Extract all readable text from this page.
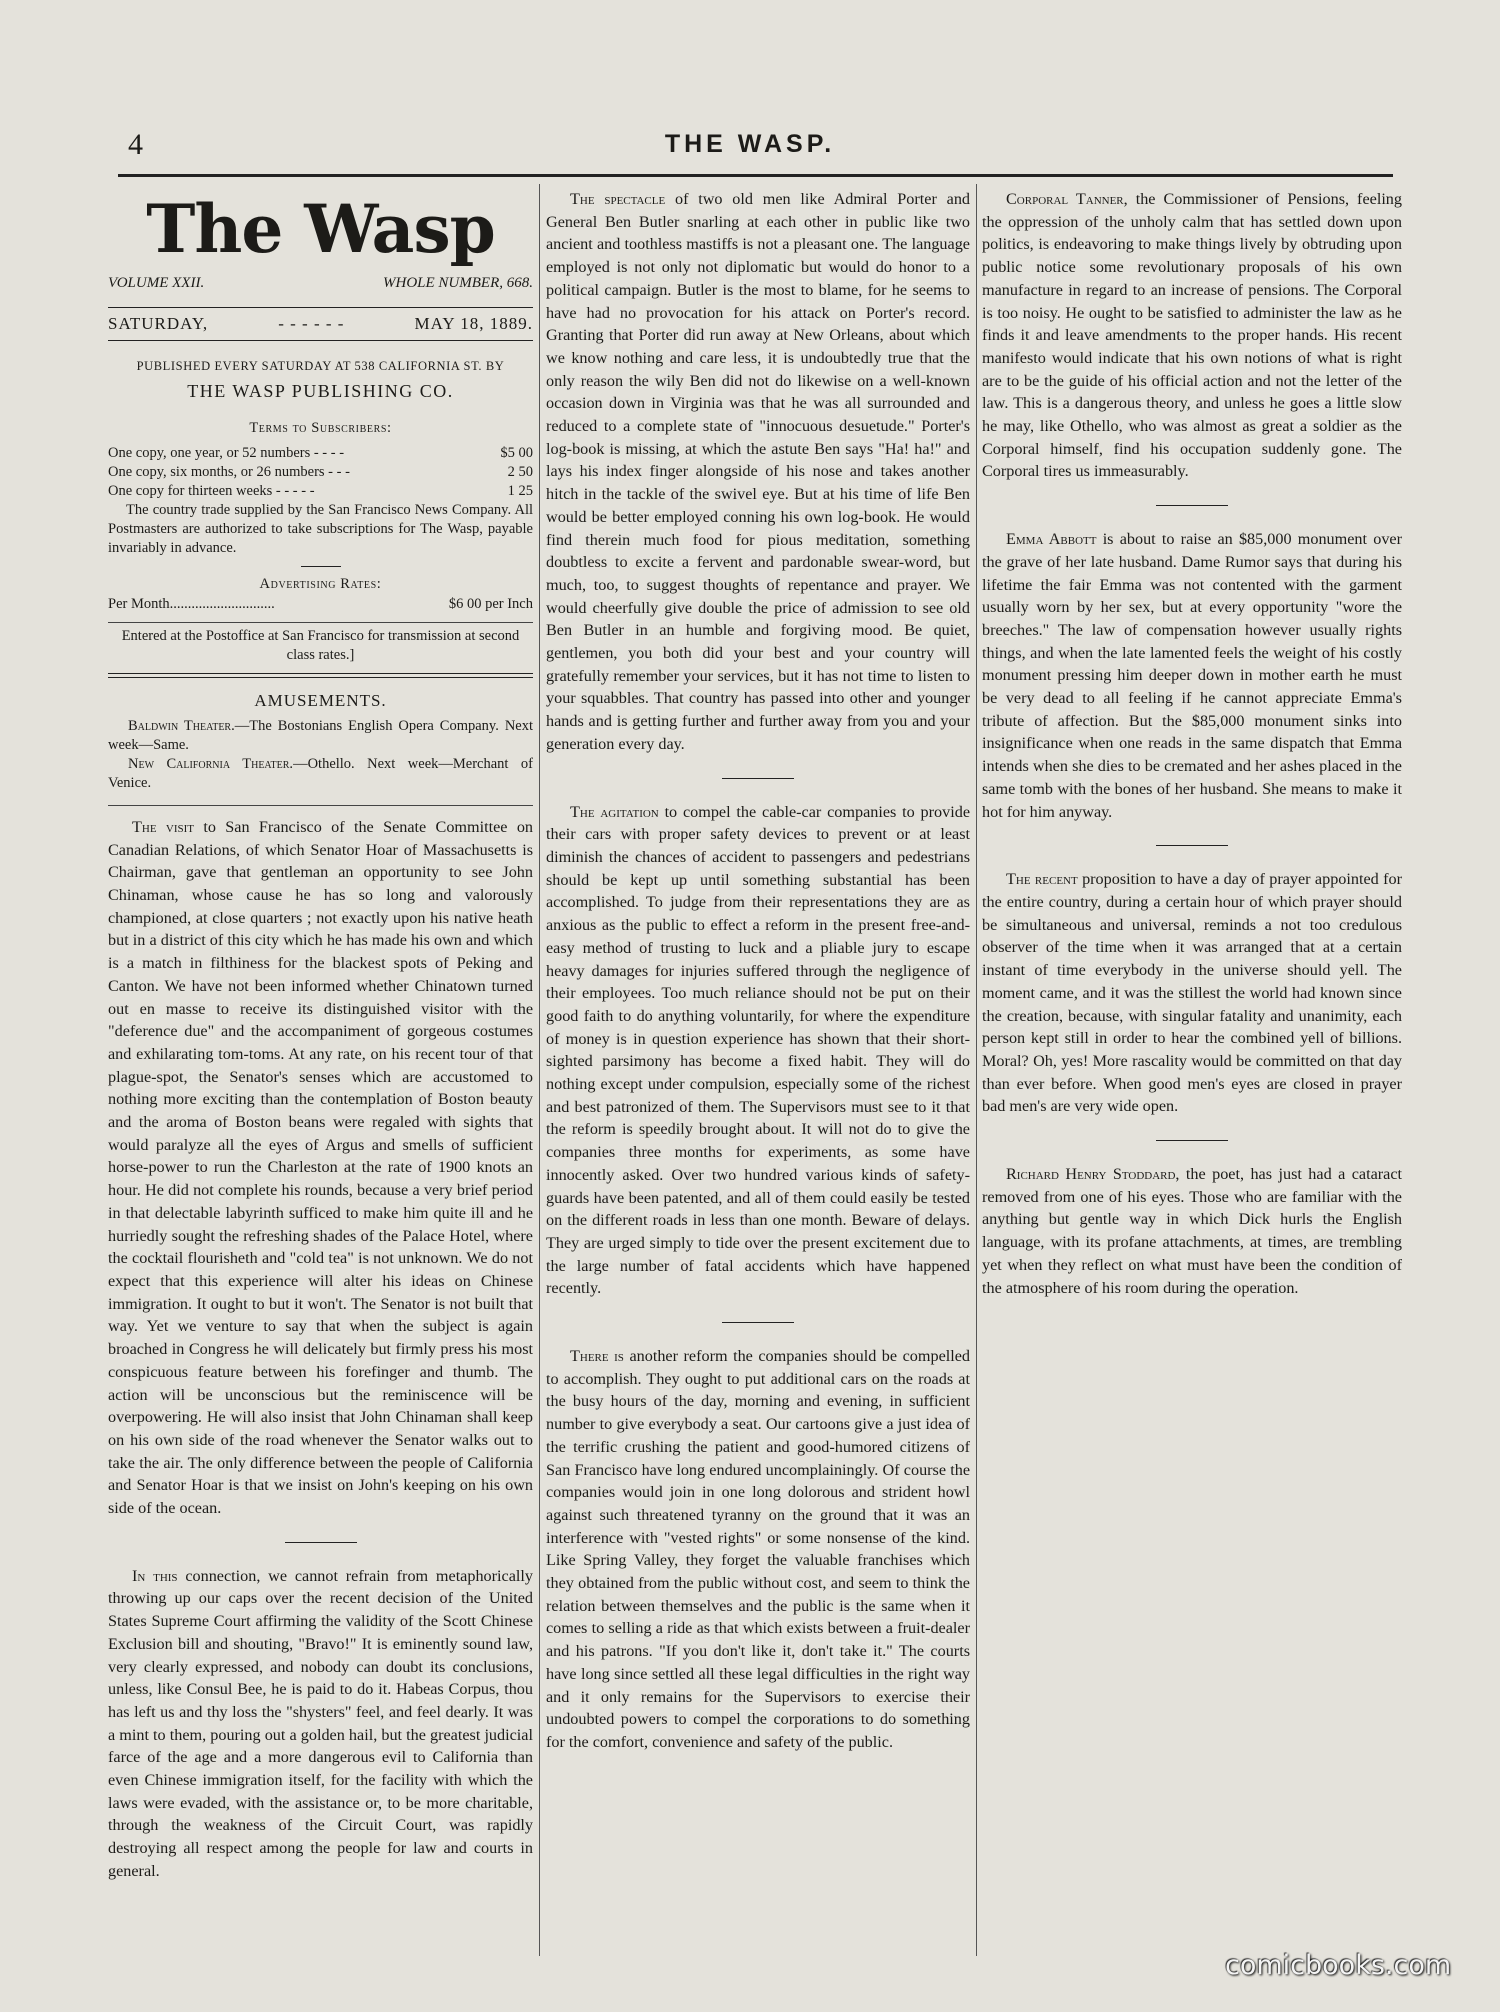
4	THE WASP.
The Wasp
VOLUME XXII.	WHOLE NUMBER, 668.
SATURDAY,	- - - - - -	MAY 18, 1889.
PUBLISHED EVERY SATURDAY AT 538 CALIFORNIA ST. BY
THE WASP PUBLISHING CO.
Terms to Subscribers:
One copy, one year, or 52 numbers - - - -	$5 00
One copy, six months, or 26 numbers - - -	2 50
One copy for thirteen weeks - - - - -	1 25
The country trade supplied by the San Francisco News Company. All Postmasters are authorized to take subscriptions for The Wasp, payable invariably in advance.
Advertising Rates:
Per Month.............................	$6 00 per Inch
Entered at the Postoffice at San Francisco for transmission at second class rates.]
AMUSEMENTS.
Baldwin Theater.—The Bostonians English Opera Company. Next week—Same.
New California Theater.—Othello. Next week—Merchant of Venice.

The visit to San Francisco of the Senate Committee on Canadian Relations, of which Senator Hoar of Massachusetts is Chairman, gave that gentleman an opportunity to see John Chinaman, whose cause he has so long and valorously championed, at close quarters ; not exactly upon his native heath but in a district of this city which he has made his own and which is a match in filthiness for the blackest spots of Peking and Canton. We have not been informed whether Chinatown turned out en masse to receive its distinguished visitor with the "deference due" and the accompaniment of gorgeous costumes and exhilarating tom-toms. At any rate, on his recent tour of that plague-spot, the Senator's senses which are accustomed to nothing more exciting than the contemplation of Boston beauty and the aroma of Boston beans were regaled with sights that would paralyze all the eyes of Argus and smells of sufficient horse-power to run the Charleston at the rate of 1900 knots an hour. He did not complete his rounds, because a very brief period in that delectable labyrinth sufficed to make him quite ill and he hurriedly sought the refreshing shades of the Palace Hotel, where the cocktail flourisheth and "cold tea" is not unknown. We do not expect that this experience will alter his ideas on Chinese immigration. It ought to but it won't. The Senator is not built that way. Yet we venture to say that when the subject is again broached in Congress he will delicately but firmly press his most conspicuous feature between his forefinger and thumb. The action will be unconscious but the reminiscence will be overpowering. He will also insist that John Chinaman shall keep on his own side of the road whenever the Senator walks out to take the air. The only difference between the people of California and Senator Hoar is that we insist on John's keeping on his own side of the ocean.

In this connection, we cannot refrain from metaphorically throwing up our caps over the recent decision of the United States Supreme Court affirming the validity of the Scott Chinese Exclusion bill and shouting, "Bravo!" It is eminently sound law, very clearly expressed, and nobody can doubt its conclusions, unless, like Consul Bee, he is paid to do it. Habeas Corpus, thou has left us and thy loss the "shysters" feel, and feel dearly. It was a mint to them, pouring out a golden hail, but the greatest judicial farce of the age and a more dangerous evil to California than even Chinese immigration itself, for the facility with which the laws were evaded, with the assistance or, to be more charitable, through the weakness of the Circuit Court, was rapidly destroying all respect among the people for law and courts in general.

The spectacle of two old men like Admiral Porter and General Ben Butler snarling at each other in public like two ancient and toothless mastiffs is not a pleasant one. The language employed is not only not diplomatic but would do honor to a political campaign. Butler is the most to blame, for he seems to have had no provocation for his attack on Porter's record. Granting that Porter did run away at New Orleans, about which we know nothing and care less, it is undoubtedly true that the only reason the wily Ben did not do likewise on a well-known occasion down in Virginia was that he was all surrounded and reduced to a complete state of "innocuous desuetude." Porter's log-book is missing, at which the astute Ben says "Ha! ha!" and lays his index finger alongside of his nose and takes another hitch in the tackle of the swivel eye. But at his time of life Ben would be better employed conning his own log-book. He would find therein much food for pious meditation, something doubtless to excite a fervent and pardonable swear-word, but much, too, to suggest thoughts of repentance and prayer. We would cheerfully give double the price of admission to see old Ben Butler in an humble and forgiving mood. Be quiet, gentlemen, you both did your best and your country will gratefully remember your services, but it has not time to listen to your squabbles. That country has passed into other and younger hands and is getting further and further away from you and your generation every day.

The agitation to compel the cable-car companies to provide their cars with proper safety devices to prevent or at least diminish the chances of accident to passengers and pedestrians should be kept up until something substantial has been accomplished. To judge from their representations they are as anxious as the public to effect a reform in the present free-and-easy method of trusting to luck and a pliable jury to escape heavy damages for injuries suffered through the negligence of their employees. Too much reliance should not be put on their good faith to do anything voluntarily, for where the expenditure of money is in question experience has shown that their short-sighted parsimony has become a fixed habit. They will do nothing except under compulsion, especially some of the richest and best patronized of them. The Supervisors must see to it that the reform is speedily brought about. It will not do to give the companies three months for experiments, as some have innocently asked. Over two hundred various kinds of safety-guards have been patented, and all of them could easily be tested on the different roads in less than one month. Beware of delays. They are urged simply to tide over the present excitement due to the large number of fatal accidents which have happened recently.

There is another reform the companies should be compelled to accomplish. They ought to put additional cars on the roads at the busy hours of the day, morning and evening, in sufficient number to give everybody a seat. Our cartoons give a just idea of the terrific crushing the patient and good-humored citizens of San Francisco have long endured uncomplainingly. Of course the companies would join in one long dolorous and strident howl against such threatened tyranny on the ground that it was an interference with "vested rights" or some nonsense of the kind. Like Spring Valley, they forget the valuable franchises which they obtained from the public without cost, and seem to think the relation between themselves and the public is the same when it comes to selling a ride as that which exists between a fruit-dealer and his patrons. "If you don't like it, don't take it." The courts have long since settled all these legal difficulties in the right way and it only remains for the Supervisors to exercise their undoubted powers to compel the corporations to do something for the comfort, convenience and safety of the public.

Corporal Tanner, the Commissioner of Pensions, feeling the oppression of the unholy calm that has settled down upon politics, is endeavoring to make things lively by obtruding upon public notice some revolutionary proposals of his own manufacture in regard to an increase of pensions. The Corporal is too noisy. He ought to be satisfied to administer the law as he finds it and leave amendments to the proper hands. His recent manifesto would indicate that his own notions of what is right are to be the guide of his official action and not the letter of the law. This is a dangerous theory, and unless he goes a little slow he may, like Othello, who was almost as great a soldier as the Corporal himself, find his occupation suddenly gone. The Corporal tires us immeasurably.

Emma Abbott is about to raise an $85,000 monument over the grave of her late husband. Dame Rumor says that during his lifetime the fair Emma was not contented with the garment usually worn by her sex, but at every opportunity "wore the breeches." The law of compensation however usually rights things, and when the late lamented feels the weight of his costly monument pressing him deeper down in mother earth he must be very dead to all feeling if he cannot appreciate Emma's tribute of affection. But the $85,000 monument sinks into insignificance when one reads in the same dispatch that Emma intends when she dies to be cremated and her ashes placed in the same tomb with the bones of her husband. She means to make it hot for him anyway.

The recent proposition to have a day of prayer appointed for the entire country, during a certain hour of which prayer should be simultaneous and universal, reminds a not too credulous observer of the time when it was arranged that at a certain instant of time everybody in the universe should yell. The moment came, and it was the stillest the world had known since the creation, because, with singular fatality and unanimity, each person kept still in order to hear the combined yell of billions. Moral? Oh, yes! More rascality would be committed on that day than ever before. When good men's eyes are closed in prayer bad men's are very wide open.

Richard Henry Stoddard, the poet, has just had a cataract removed from one of his eyes. Those who are familiar with the anything but gentle way in which Dick hurls the English language, with its profane attachments, at times, are trembling yet when they reflect on what must have been the condition of the atmosphere of his room during the operation.

comicbooks.com
